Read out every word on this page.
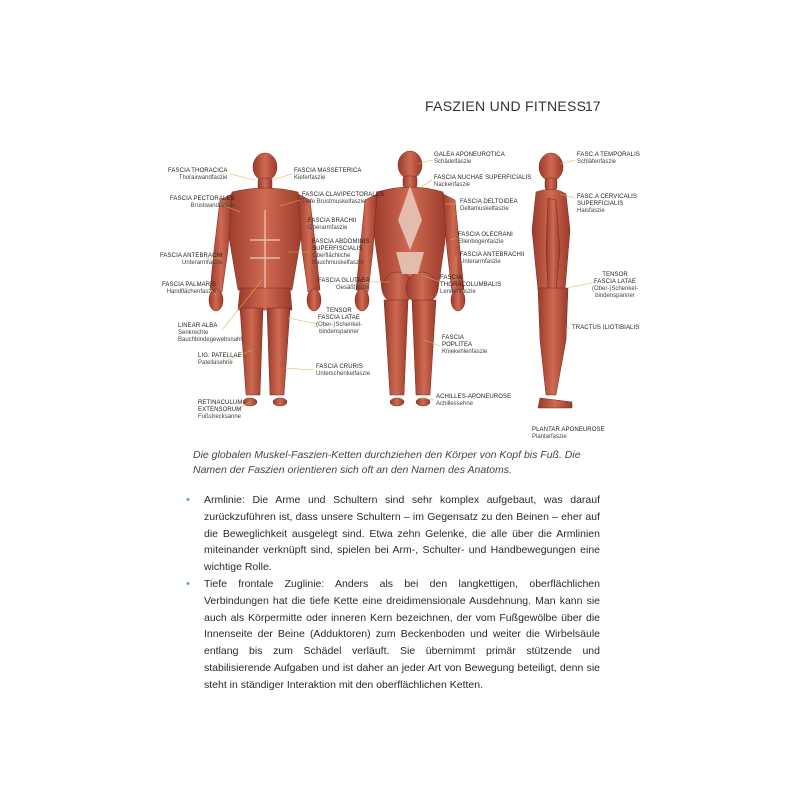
FASZIEN UND FITNESS
17
FASCIA THORACICA
Thoraxwandfaszie
FASCIA PECTORALES
Brustwandfaszie
FASCIA ANTEBRACHI
Unterarmfaszie
FASCIA PALMARIS
Handflächenfaszie
LINEAR ALBA
Senkrechte
Bauchbindegewebsnaht
LIG. PATELLAE
Patellasehne
RETINACULUM
EXTENSORUM
Fußstrecksanne
FASCIA MASSETERICA
Kieferfaszie
FASCIA CLAVIPECTORALES
Tiefe Brustmuskelfaszie
FASCIA BRACHII
Oberarmfaszie
FASCIA ABDOMINIS
SUPERFISCIALIS
Oberflächliche
Bauchmuskelfaszie
FASCIA GLUTAEA
Gesäßfaszie
TENSOR
FASCIA LATAE
(Ober-)Schenkel-
bindenspanner
FASCIA CRURIS
Unterschenkelfaszie
GALEA APONEUROTICA
Schädelfaszie
FASCIA NUCHAE SUPERFICIALIS
Nackenfaszie
FASCIA DELTOIDEA
Deltamuskelfaszie
FASCIA OLECRANI
Ellenbogenfaszie
FASCIA ANTEBRACHII
Unterarmfaszie
FASCIA
THORACOLUMBALIS
Lendenfaszie
FASCIA
POPLITEA
Kniekehlenfaszie
ACHILLES-APONEUROSE
Achillessehne
FASC.A TEMPORALIS
Schläfenfaszie
FASC.A CERVICALIS
SUPERFICIALIS
Halsfaszie
TENSOR
FASCIA LATAE
(Ober-)Schenkel-
bindenspanner
TRACTUS ILIOTIBIALIS
PLANTAR APONEUROSE
Plantarfaszie
Die globalen Muskel-Faszien-Ketten durchziehen den Körper von Kopf bis Fuß. Die Namen der Faszien orientieren sich oft an den Namen des Anatoms.
• Armlinie: Die Arme und Schultern sind sehr komplex aufgebaut, was darauf zurückzuführen ist, dass unsere Schultern – im Gegensatz zu den Beinen – eher auf die Beweglichkeit ausgelegt sind. Etwa zehn Gelenke, die alle über die Armlinien miteinander verknüpft sind, spielen bei Arm-, Schulter- und Handbewegungen eine wichtige Rolle.
• Tiefe frontale Zuglinie: Anders als bei den langkettigen, oberflächlichen Verbindungen hat die tiefe Kette eine dreidimensionale Ausdehnung. Man kann sie auch als Körpermitte oder inneren Kern bezeichnen, der vom Fußgewölbe über die Innenseite der Beine (Adduktoren) zum Beckenboden und weiter die Wirbelsäule entlang bis zum Schädel verläuft. Sie übernimmt primär stützende und stabilisierende Aufgaben und ist daher an jeder Art von Bewegung beteiligt, denn sie steht in ständiger Interaktion mit den oberflächlichen Ketten.
